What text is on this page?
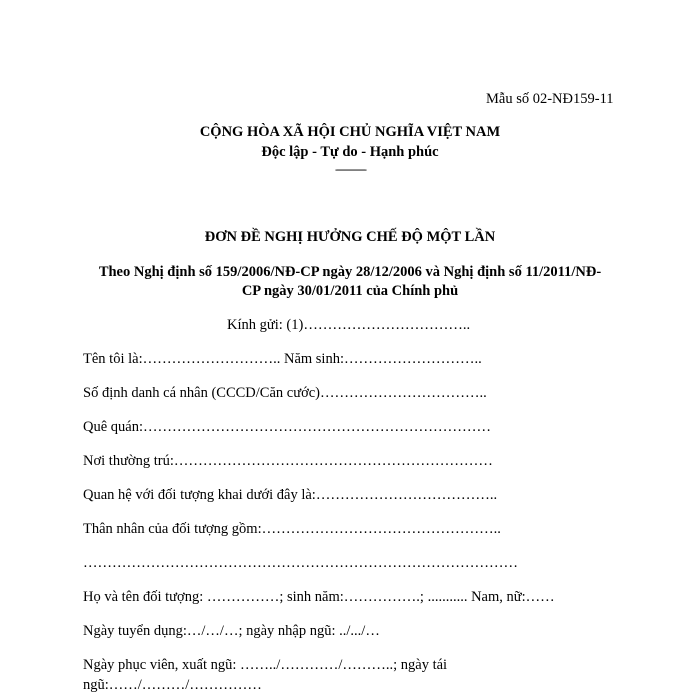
Mẫu số 02-NĐ159-11
CỘNG HÒA XÃ HỘI CHỦ NGHĨA VIỆT NAM
Độc lập - Tự do - Hạnh phúc
---------------
ĐƠN ĐỀ NGHỊ HƯỞNG CHẾ ĐỘ MỘT LẦN
Theo Nghị định số 159/2006/NĐ-CP ngày 28/12/2006 và Nghị định số 11/2011/NĐ-
CP ngày 30/01/2011 của Chính phủ
Kính gửi: (1)……………………………..
Tên tôi là:……………………….. Năm sinh:………………………..
Số định danh cá nhân (CCCD/Căn cước)……………………………..
Quê quán:………………………………………………………………
Nơi thường trú:…………………………………………………………
Quan hệ với đối tượng khai dưới đây là:………………………………..
Thân nhân của đối tượng gồm:…………………………………………..
………………………………………………………………………………
Họ và tên đối tượng: ……………; sinh năm:…………….; ........... Nam, nữ:……
Ngày tuyển dụng:…/…/…; ngày nhập ngũ: ../.../…
Ngày phục viên, xuất ngũ: ……../…………/………..; ngày tái
ngũ:……/………/……………
